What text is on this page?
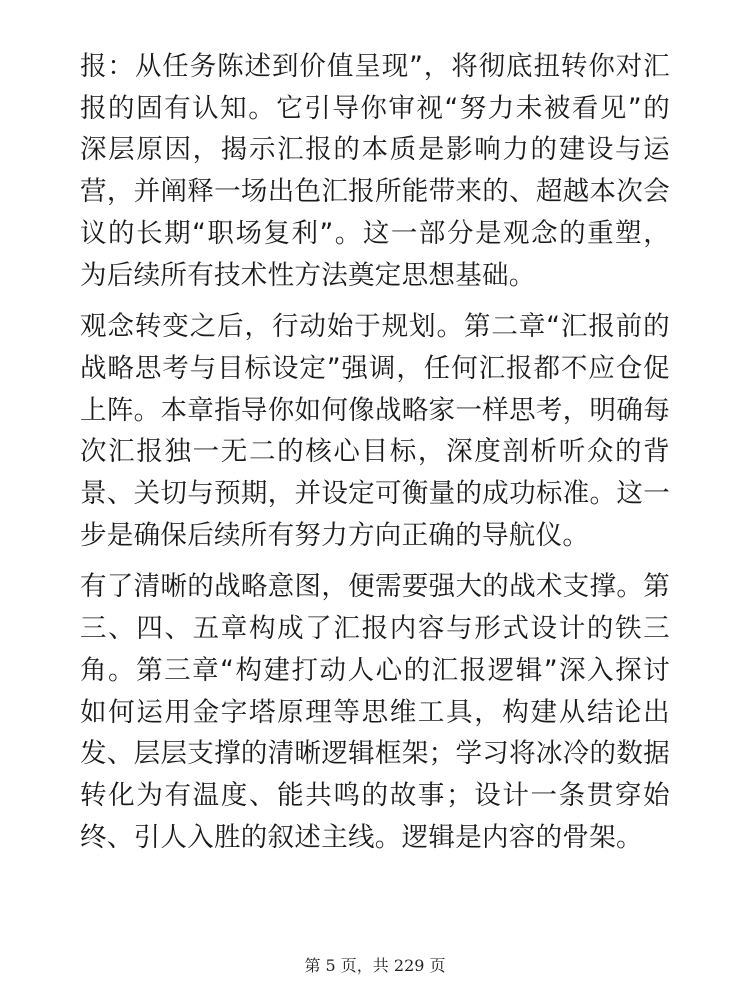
报：从任务陈述到价值呈现”，将彻底扭转你对汇报的固有认知。它引导你审视“努力未被看见”的深层原因，揭示汇报的本质是影响力的建设与运营，并阐释一场出色汇报所能带来的、超越本次会议的长期“职场复利”。这一部分是观念的重塑，为后续所有技术性方法奠定思想基础。

观念转变之后，行动始于规划。第二章“汇报前的战略思考与目标设定”强调，任何汇报都不应仓促上阵。本章指导你如何像战略家一样思考，明确每次汇报独一无二的核心目标，深度剖析听众的背景、关切与预期，并设定可衡量的成功标准。这一步是确保后续所有努力方向正确的导航仪。

有了清晰的战略意图，便需要强大的战术支撑。第三、四、五章构成了汇报内容与形式设计的铁三角。第三章“构建打动人心的汇报逻辑”深入探讨如何运用金字塔原理等思维工具，构建从结论出发、层层支撑的清晰逻辑框架；学习将冰冷的数据转化为有温度、能共鸣的故事；设计一条贯穿始终、引人入胜的叙述主线。逻辑是内容的骨架。

第 5 页，共 229 页
